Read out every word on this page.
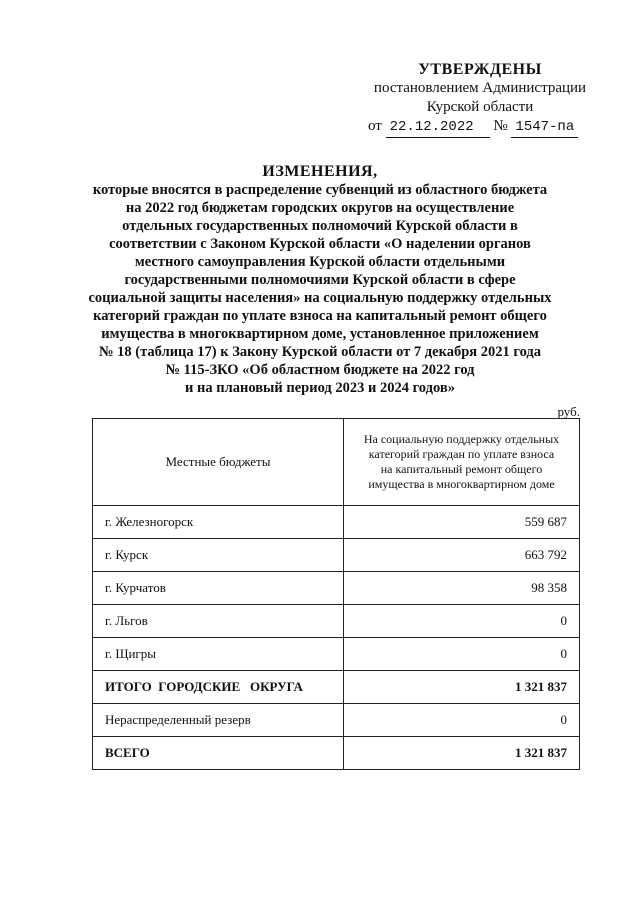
УТВЕРЖДЕНЫ
постановлением Администрации
Курской области
от 22.12.2022 № 1547-па
ИЗМЕНЕНИЯ,
которые вносятся в распределение субвенций из областного бюджета
на 2022 год бюджетам городских округов на осуществление
отдельных государственных полномочий Курской области в
соответствии с Законом Курской области «О наделении органов
местного самоуправления Курской области отдельными
государственными полномочиями Курской области в сфере
социальной защиты населения» на социальную поддержку отдельных
категорий граждан по уплате взноса на капитальный ремонт общего
имущества в многоквартирном доме, установленное приложением
№ 18 (таблица 17) к Закону Курской области от 7 декабря 2021 года
№ 115-ЗКО «Об областном бюджете на 2022 год
и на плановый период 2023 и 2024 годов»
руб.
Местные бюджеты	На социальную поддержку отдельных
категорий граждан по уплате взноса
на капитальный ремонт общего
имущества в многоквартирном доме

г. Железногорск	559 687
г. Курск	663 792
г. Курчатов	98 358
г. Льгов	0
г. Щигры	0
ИТОГО  ГОРОДСКИЕ   ОКРУГА	1 321 837
Нераспределенный резерв	0
ВСЕГО	1 321 837
